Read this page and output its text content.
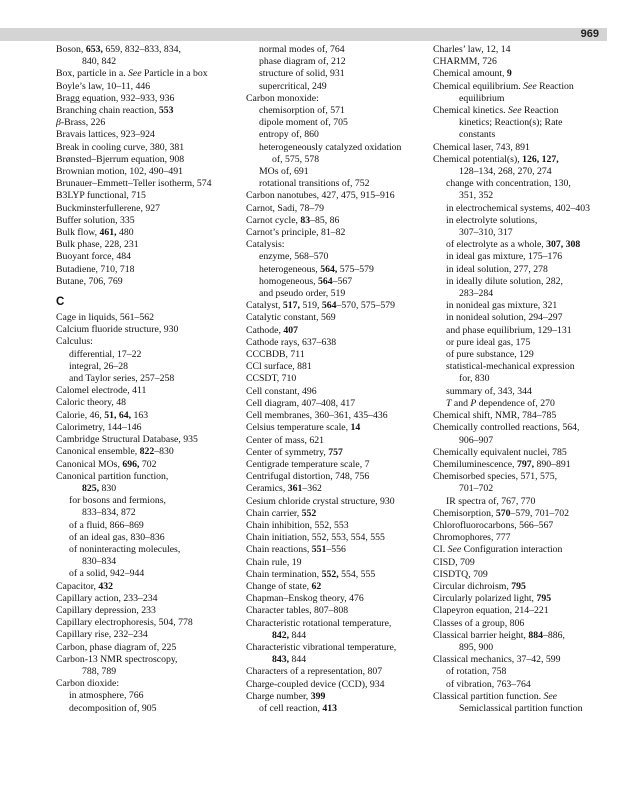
969
Boson, 653, 659, 832–833, 834,
840, 842
Box, particle in a. See Particle in a box
Boyle’s law, 10–11, 446
Bragg equation, 932–933, 936
Branching chain reaction, 553
β-Brass, 226
Bravais lattices, 923–924
Break in cooling curve, 380, 381
Brønsted–Bjerrum equation, 908
Brownian motion, 102, 490–491
Brunauer–Emmett–Teller isotherm, 574
B3LYP functional, 715
Buckminsterfullerene, 927
Buffer solution, 335
Bulk flow, 461, 480
Bulk phase, 228, 231
Buoyant force, 484
Butadiene, 710, 718
Butane, 706, 769
C
Cage in liquids, 561–562
Calcium fluoride structure, 930
Calculus:
differential, 17–22
integral, 26–28
and Taylor series, 257–258
Calomel electrode, 411
Caloric theory, 48
Calorie, 46, 51, 64, 163
Calorimetry, 144–146
Cambridge Structural Database, 935
Canonical ensemble, 822–830
Canonical MOs, 696, 702
Canonical partition function,
825, 830
for bosons and fermions,
833–834, 872
of a fluid, 866–869
of an ideal gas, 830–836
of noninteracting molecules,
830–834
of a solid, 942–944
Capacitor, 432
Capillary action, 233–234
Capillary depression, 233
Capillary electrophoresis, 504, 778
Capillary rise, 232–234
Carbon, phase diagram of, 225
Carbon-13 NMR spectroscopy,
788, 789
Carbon dioxide:
in atmosphere, 766
decomposition of, 905
normal modes of, 764
phase diagram of, 212
structure of solid, 931
supercritical, 249
Carbon monoxide:
chemisorption of, 571
dipole moment of, 705
entropy of, 860
heterogeneously catalyzed oxidation
of, 575, 578
MOs of, 691
rotational transitions of, 752
Carbon nanotubes, 427, 475, 915–916
Carnot, Sadi, 78–79
Carnot cycle, 83–85, 86
Carnot’s principle, 81–82
Catalysis:
enzyme, 568–570
heterogeneous, 564, 575–579
homogeneous, 564–567
and pseudo order, 519
Catalyst, 517, 519, 564–570, 575–579
Catalytic constant, 569
Cathode, 407
Cathode rays, 637–638
CCCBDB, 711
CCl surface, 881
CCSDT, 710
Cell constant, 496
Cell diagram, 407–408, 417
Cell membranes, 360–361, 435–436
Celsius temperature scale, 14
Center of mass, 621
Center of symmetry, 757
Centigrade temperature scale, 7
Centrifugal distortion, 748, 756
Ceramics, 361–362
Cesium chloride crystal structure, 930
Chain carrier, 552
Chain inhibition, 552, 553
Chain initiation, 552, 553, 554, 555
Chain reactions, 551–556
Chain rule, 19
Chain termination, 552, 554, 555
Change of state, 62
Chapman–Enskog theory, 476
Character tables, 807–808
Characteristic rotational temperature,
842, 844
Characteristic vibrational temperature,
843, 844
Characters of a representation, 807
Charge-coupled device (CCD), 934
Charge number, 399
of cell reaction, 413
Charles’ law, 12, 14
CHARMM, 726
Chemical amount, 9
Chemical equilibrium. See Reaction
equilibrium
Chemical kinetics. See Reaction
kinetics; Reaction(s); Rate
constants
Chemical laser, 743, 891
Chemical potential(s), 126, 127,
128–134, 268, 270, 274
change with concentration, 130,
351, 352
in electrochemical systems, 402–403
in electrolyte solutions,
307–310, 317
of electrolyte as a whole, 307, 308
in ideal gas mixture, 175–176
in ideal solution, 277, 278
in ideally dilute solution, 282,
283–284
in nonideal gas mixture, 321
in nonideal solution, 294–297
and phase equilibrium, 129–131
or pure ideal gas, 175
of pure substance, 129
statistical-mechanical expression
for, 830
summary of, 343, 344
T and P dependence of, 270
Chemical shift, NMR, 784–785
Chemically controlled reactions, 564,
906–907
Chemically equivalent nuclei, 785
Chemiluminescence, 797, 890–891
Chemisorbed species, 571, 575,
701–702
IR spectra of, 767, 770
Chemisorption, 570–579, 701–702
Chlorofluorocarbons, 566–567
Chromophores, 777
CI. See Configuration interaction
CISD, 709
CISDTQ, 709
Circular dichroism, 795
Circularly polarized light, 795
Clapeyron equation, 214–221
Classes of a group, 806
Classical barrier height, 884–886,
895, 900
Classical mechanics, 37–42, 599
of rotation, 758
of vibration, 763–764
Classical partition function. See
Semiclassical partition function
